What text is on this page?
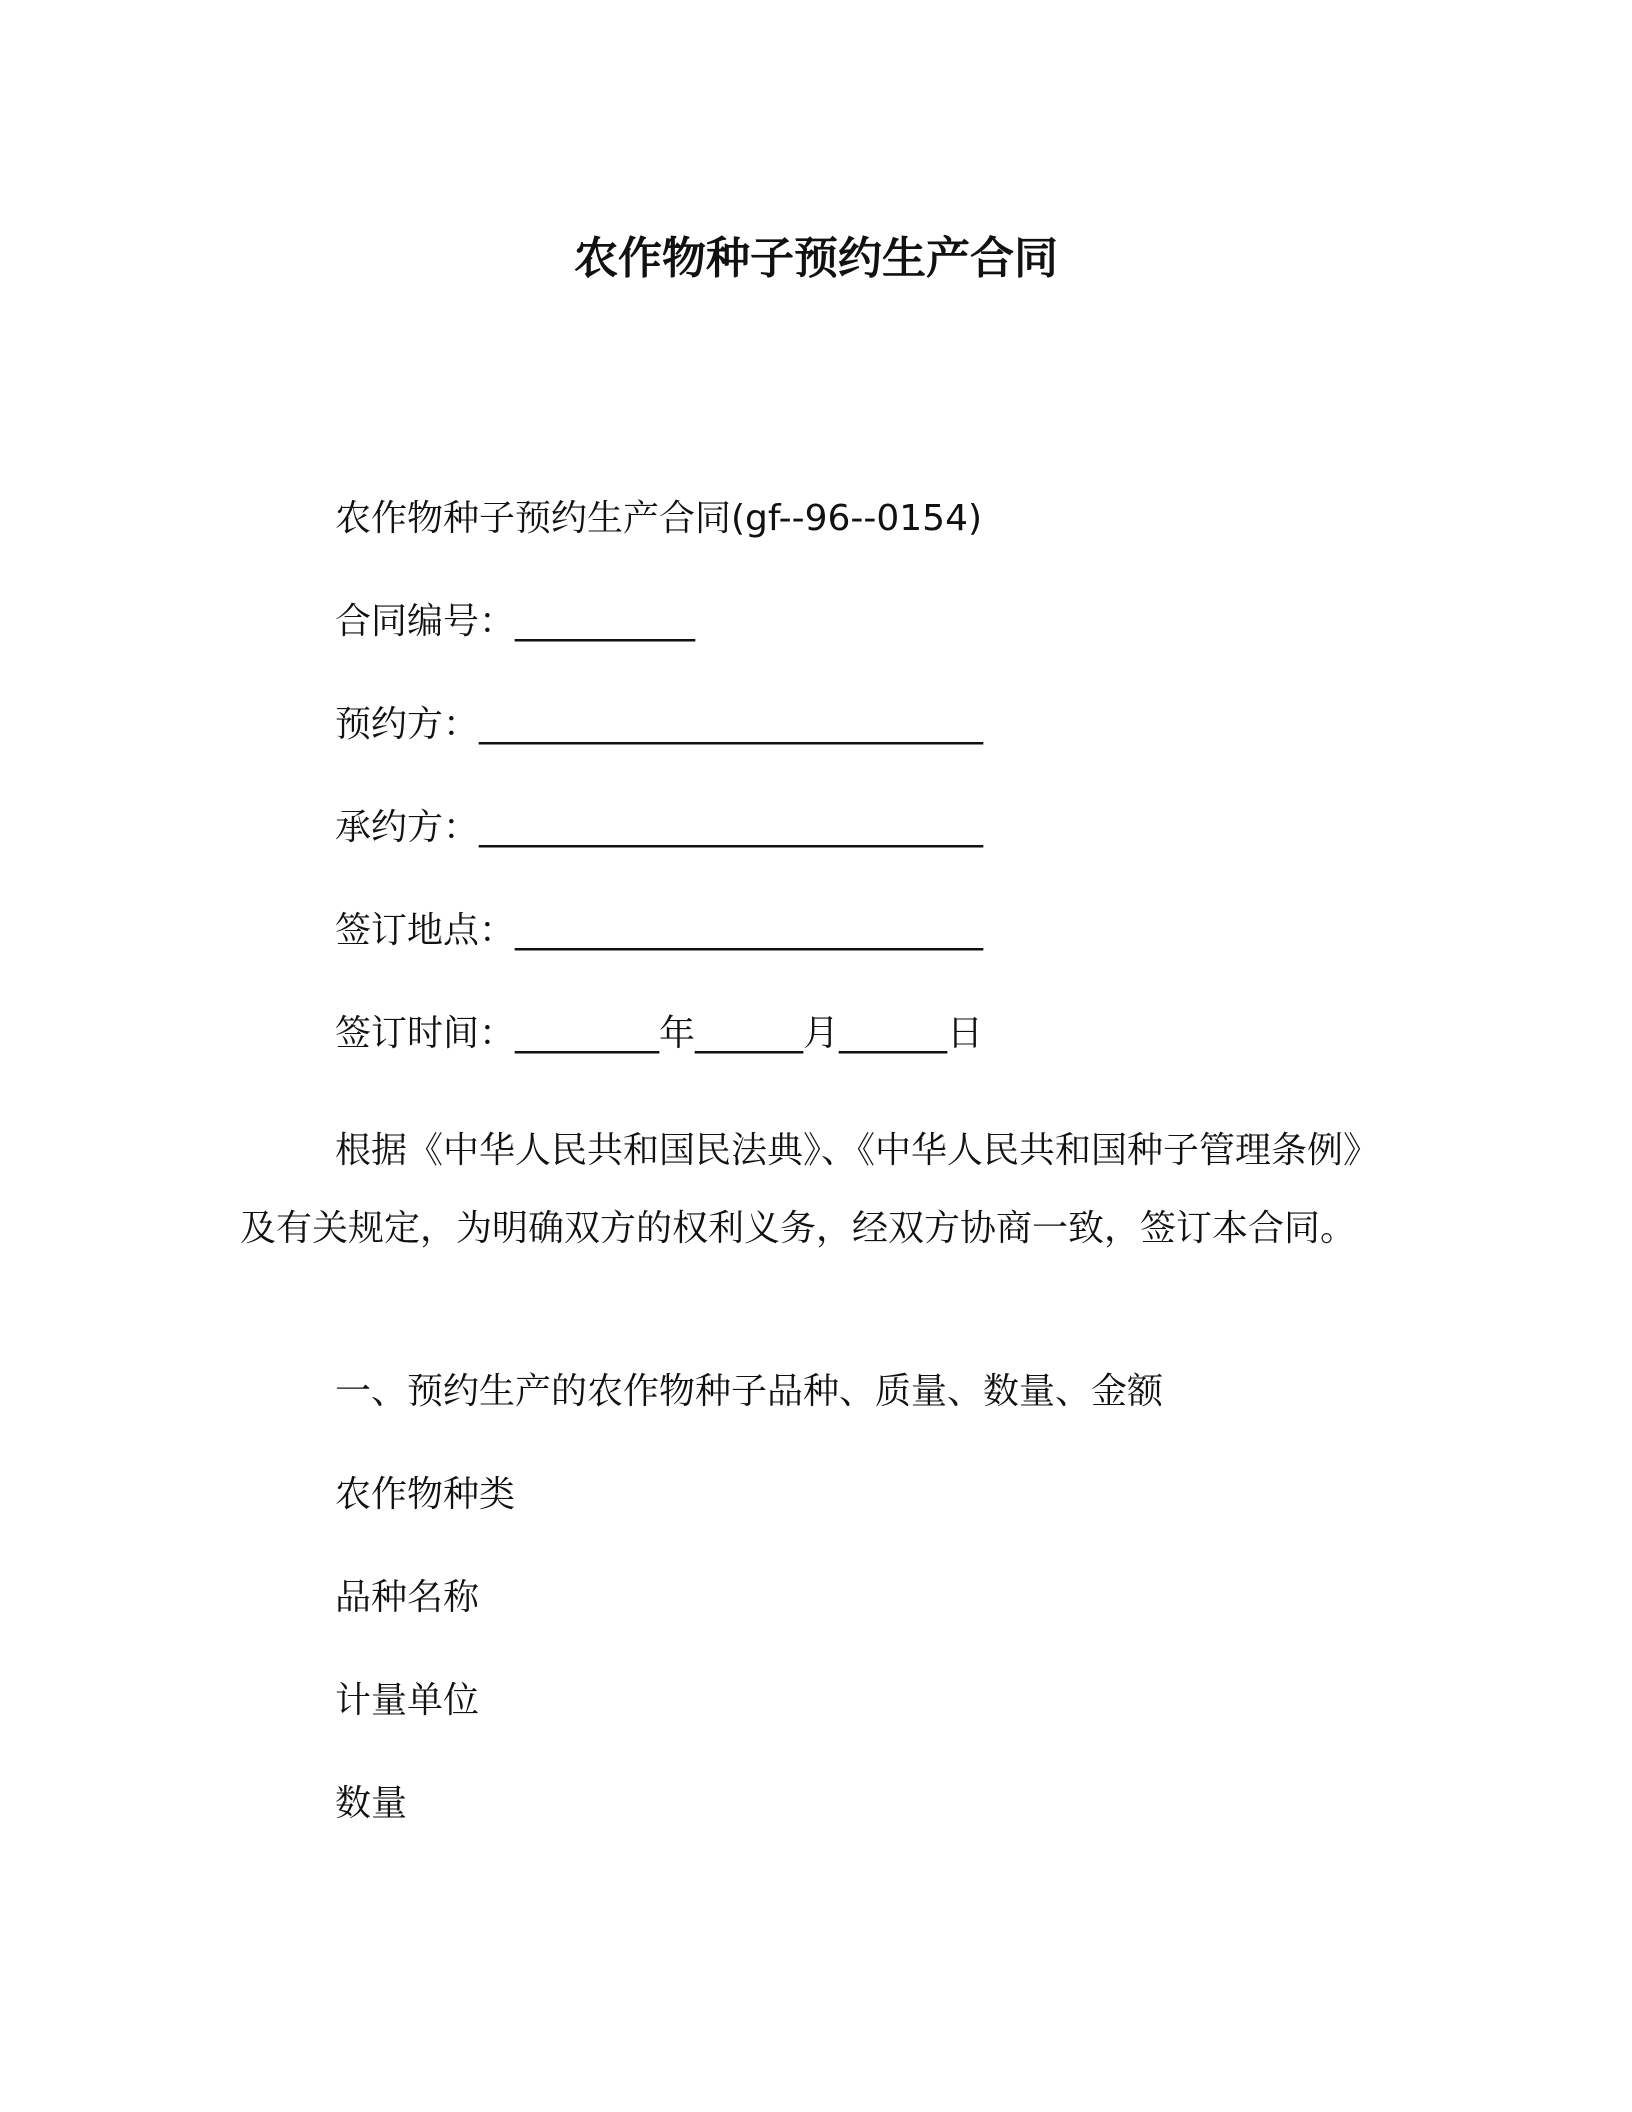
农作物种子预约生产合同
农作物种子预约生产合同(gf--96--0154)
合同编号：__________
预约方：____________________________
承约方：____________________________
签订地点：__________________________
签订时间：________年______月______日
根据《中华人民共和国民法典》、《中华人民共和国种子管理条例》及有关规定，为明确双方的权利义务，经双方协商一致，签订本合同。
一、预约生产的农作物种子品种、质量、数量、金额
农作物种类
品种名称
计量单位
数量
